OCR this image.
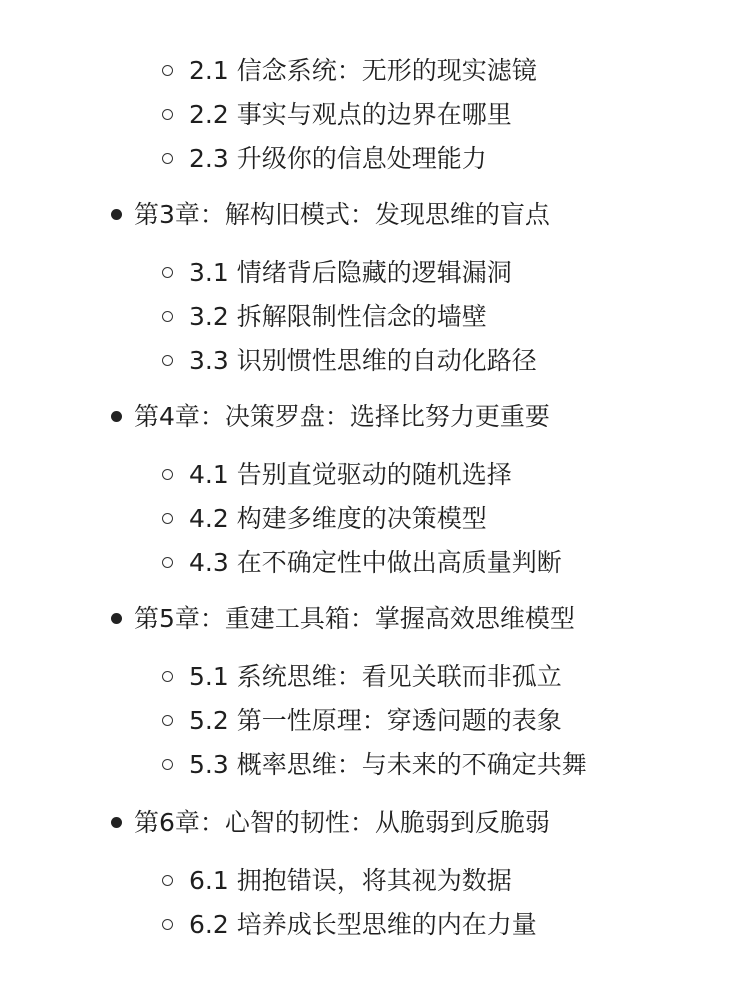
2.1 信念系统：无形的现实滤镜
2.2 事实与观点的边界在哪里
2.3 升级你的信息处理能力
第3章：解构旧模式：发现思维的盲点
3.1 情绪背后隐藏的逻辑漏洞
3.2 拆解限制性信念的墙壁
3.3 识别惯性思维的自动化路径
第4章：决策罗盘：选择比努力更重要
4.1 告别直觉驱动的随机选择
4.2 构建多维度的决策模型
4.3 在不确定性中做出高质量判断
第5章：重建工具箱：掌握高效思维模型
5.1 系统思维：看见关联而非孤立
5.2 第一性原理：穿透问题的表象
5.3 概率思维：与未来的不确定共舞
第6章：心智的韧性：从脆弱到反脆弱
6.1 拥抱错误，将其视为数据
6.2 培养成长型思维的内在力量
